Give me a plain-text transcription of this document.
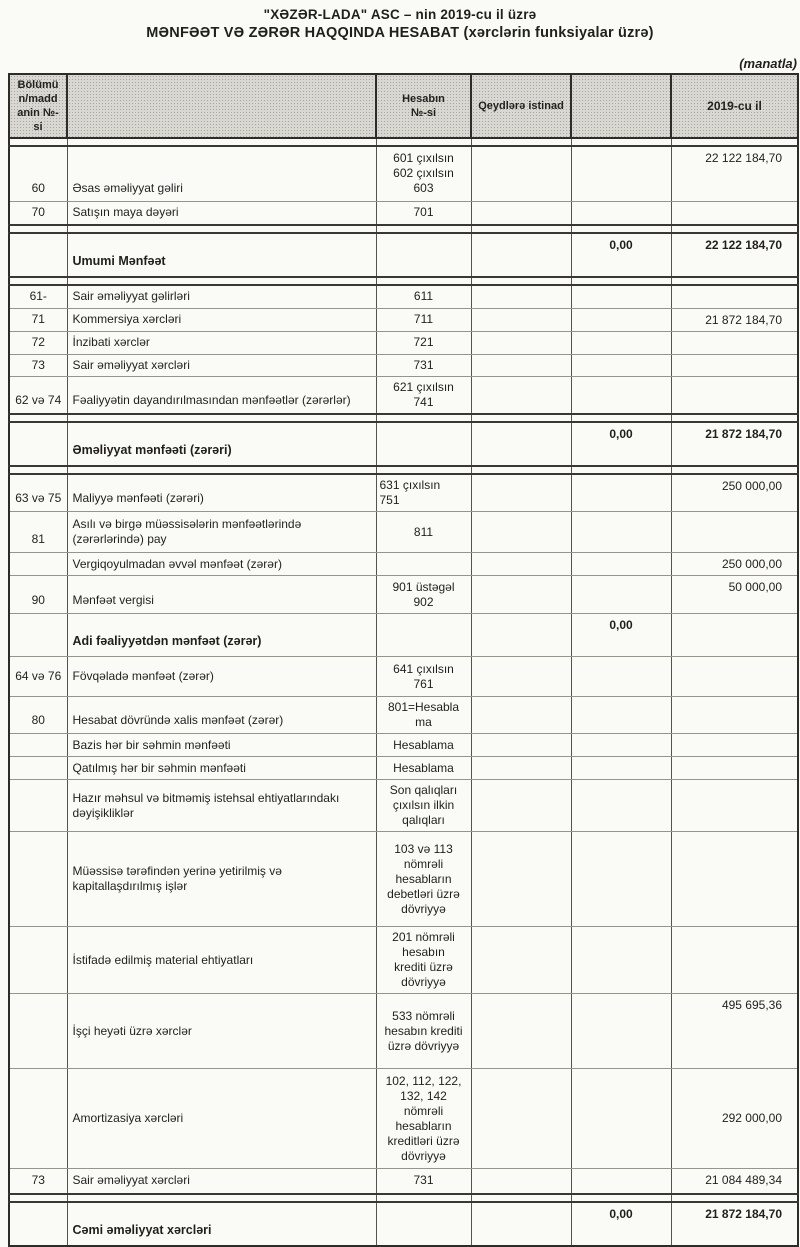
"XƏZƏR-LADA" ASC – nin 2019-cu il üzrə
MƏNFƏƏT VƏ ZƏRƏR HAQQINDA HESABAT (xərclərin funksiyalar üzrə)
(manatla)
Bölümü
n/madd
anin №-
si		Hesabın
№-si	Qeydlərə istinad		2019-cu il

60	Əsas əməliyyat gəliri	601 çıxılsın
602 çıxılsın
603			22 122 184,70
70	Satışın maya dəyəri	701			

	Umumi Mənfəət			0,00	22 122 184,70

61-	Sair əməliyyat gəlirləri	611			
71	Kommersiya xərcləri	711			21 872 184,70
72	İnzibati xərclər	721			
73	Sair əməliyyat xərcləri	731			
62 və 74	Fəaliyyətin dayandırılmasından mənfəətlər (zərərlər)	621 çıxılsın
741			

	Əməliyyat mənfəəti (zərəri)			0,00	21 872 184,70

63 və 75	Maliyyə mənfəəti (zərəri)	631 çıxılsın
751			250 000,00
81	Asılı və birgə müəssisələrin mənfəətlərində (zərərlərində) pay	811			
	Vergiqoyulmadan əvvəl mənfəət (zərər)				250 000,00
90	Mənfəət vergisi	901 üstəgəl
902			50 000,00
	Adi fəaliyyətdən mənfəət (zərər)			0,00	
64 və 76	Fövqəladə mənfəət (zərər)	641 çıxılsın
761			
80	Hesabat dövründə xalis mənfəət (zərər)	801=Hesabla
ma			
	Bazis hər bir səhmin mənfəəti	Hesablama			
	Qatılmış hər bir səhmin mənfəəti	Hesablama			
	Hazır məhsul və bitməmiş istehsal ehtiyatlarındakı dəyişikliklər	Son qalıqları
çıxılsın ilkin
qalıqları			
	Müəssisə tərəfindən yerinə yetirilmiş və kapitallaşdırılmış işlər	103 və 113
nömrəli
hesabların
debetləri üzrə
dövriyyə			
	İstifadə edilmiş material ehtiyatları	201 nömrəli
hesabın
krediti üzrə
dövriyyə			
	İşçi heyəti üzrə xərclər	533 nömrəli
hesabın krediti
üzrə dövriyyə			495 695,36
	Amortizasiya xərcləri	102, 112, 122,
132, 142
nömrəli
hesabların
kreditləri üzrə
dövriyyə			292 000,00
73	Sair əməliyyat xərcləri	731			21 084 489,34

	Cəmi əməliyyat xərcləri			0,00	21 872 184,70
